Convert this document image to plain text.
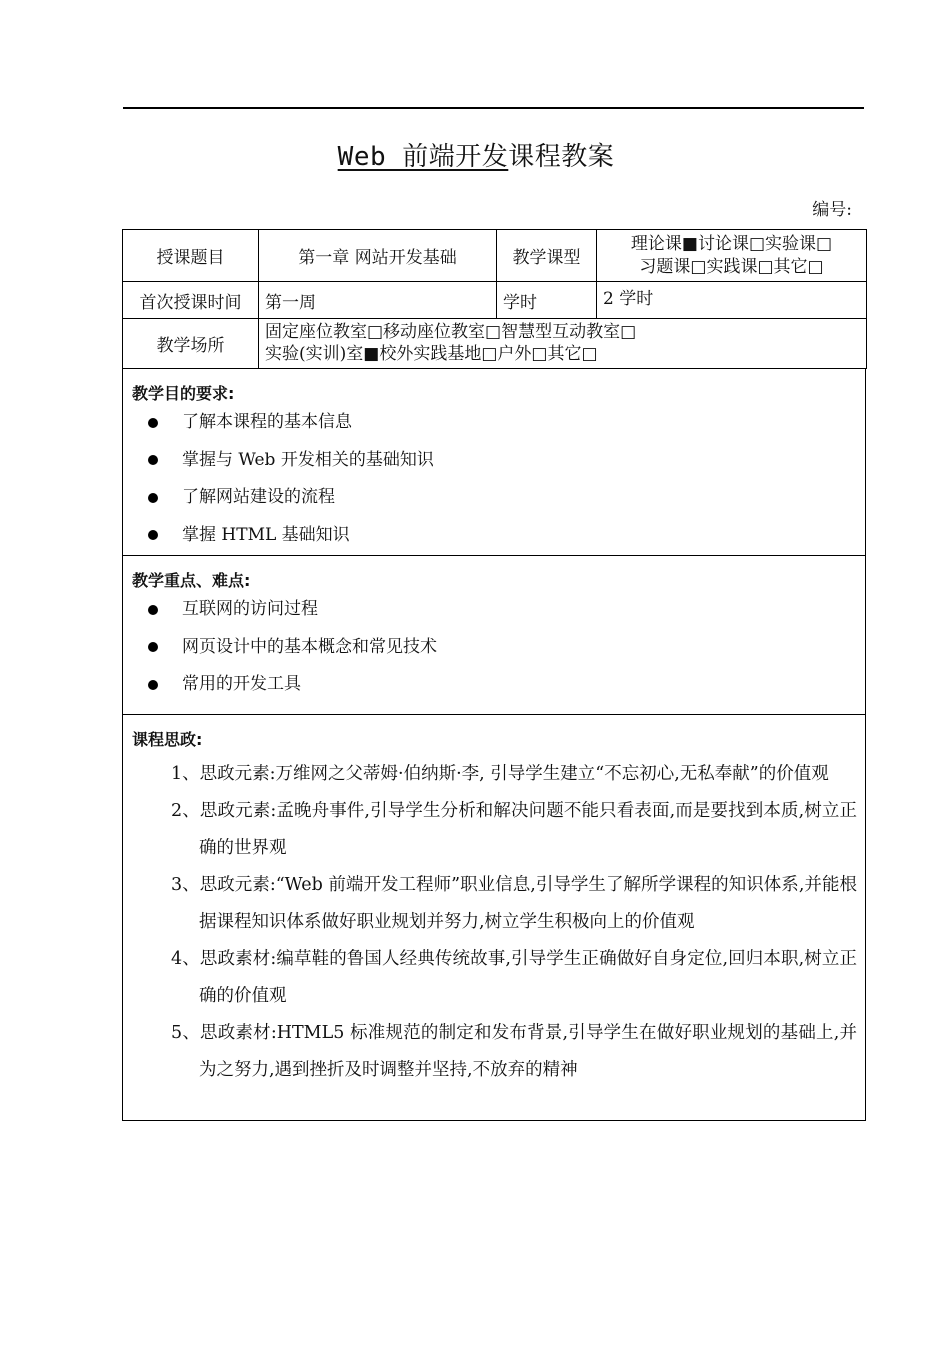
Web 前端开发课程教案
编号:
授课题目	第一章 网站开发基础	教学课型	理论课■讨论课□实验课□
习题课□实践课□其它□

首次授课时间	第一周	学时	2 学时
教学场所	固定座位教室□移动座位教室□智慧型互动教室□
实验(实训)室■校外实践基地□户外□其它□		
教学目的要求:
了解本课程的基本信息
掌握与 Web 开发相关的基础知识
了解网站建设的流程
掌握 HTML 基础知识
教学重点、难点:
互联网的访问过程
网页设计中的基本概念和常见技术
常用的开发工具
课程思政:
1、思政元素:万维网之父蒂姆·伯纳斯·李, 引导学生建立“不忘初心,无私奉献”的价值观
2、思政元素:孟晚舟事件,引导学生分析和解决问题不能只看表面,而是要找到本质,树立正确的世界观
3、思政元素:“Web 前端开发工程师”职业信息,引导学生了解所学课程的知识体系,并能根据课程知识体系做好职业规划并努力,树立学生积极向上的价值观
4、思政素材:编草鞋的鲁国人经典传统故事,引导学生正确做好自身定位,回归本职,树立正确的价值观
5、思政素材:HTML5 标准规范的制定和发布背景,引导学生在做好职业规划的基础上,并为之努力,遇到挫折及时调整并坚持,不放弃的精神
